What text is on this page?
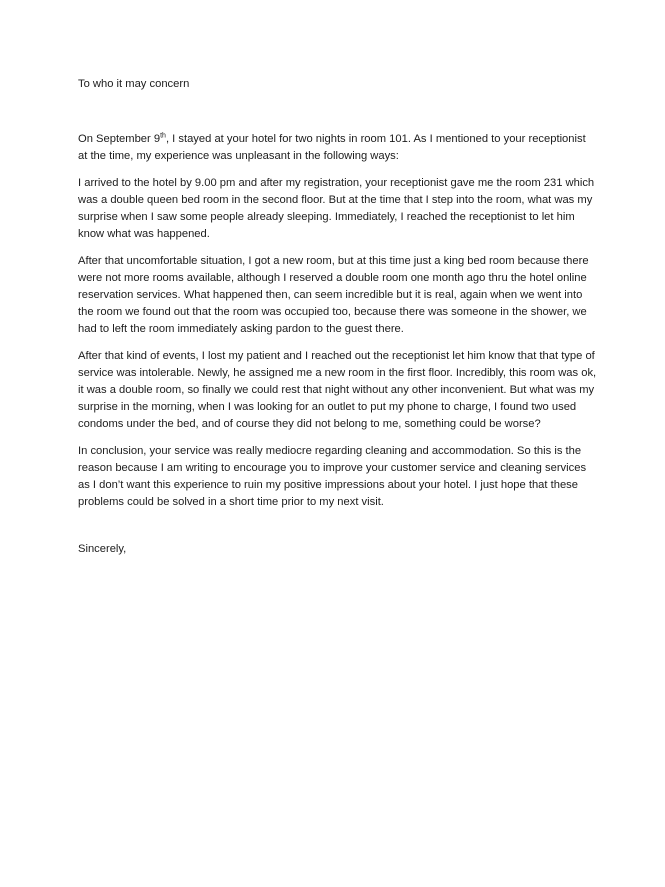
To who it may concern

On September 9th, I stayed at your hotel for two nights in room 101. As I mentioned to your receptionist at the time, my experience was unpleasant in the following ways:

I arrived to the hotel by 9.00 pm and after my registration, your receptionist gave me the room 231 which was a double queen bed room in the second floor. But at the time that I step into the room, what was my surprise when I saw some people already sleeping. Immediately, I reached the receptionist to let him know what was happened.

After that uncomfortable situation, I got a new room, but at this time just a king bed room because there were not more rooms available, although I reserved a double room one month ago thru the hotel online reservation services. What happened then, can seem incredible but it is real, again when we went into the room we found out that the room was occupied too, because there was someone in the shower, we had to left the room immediately asking pardon to the guest there.

After that kind of events, I lost my patient and I reached out the receptionist let him know that that type of service was intolerable. Newly, he assigned me a new room in the first floor. Incredibly, this room was ok, it was a double room, so finally we could rest that night without any other inconvenient. But what was my surprise in the morning, when I was looking for an outlet to put my phone to charge, I found two used condoms under the bed, and of course they did not belong to me, something could be worse?

In conclusion, your service was really mediocre regarding cleaning and accommodation. So this is the reason because I am writing to encourage you to improve your customer service and cleaning services as I don’t want this experience to ruin my positive impressions about your hotel. I just hope that these problems could be solved in a short time prior to my next visit.

Sincerely,
